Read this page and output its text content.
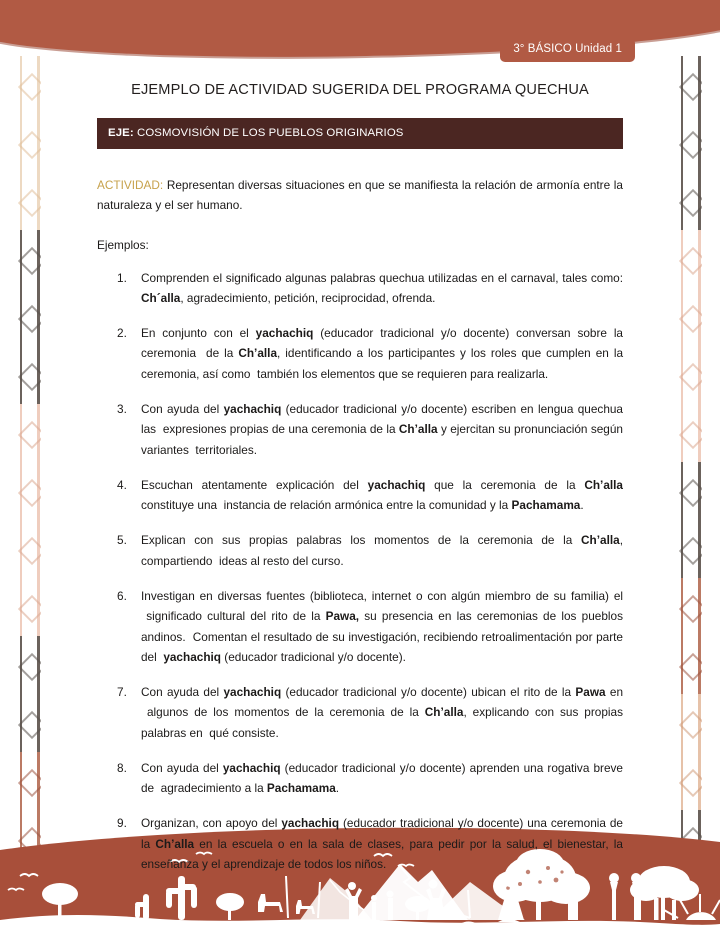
3° BÁSICO Unidad 1
EJEMPLO DE ACTIVIDAD SUGERIDA DEL PROGRAMA QUECHUA
EJE: COSMOVISIÓN DE LOS PUEBLOS ORIGINARIOS

ACTIVIDAD: Representan diversas situaciones en que se manifiesta la relación de armonía entre la naturaleza y el ser humano.

Ejemplos:

Comprenden el significado algunas palabras quechua utilizadas en el carnaval, tales como: Ch´alla, agradecimiento, petición, reciprocidad, ofrenda.
En conjunto con el yachachiq (educador tradicional y/o docente) conversan sobre la ceremonia  de la Ch’alla, identificando a los participantes y los roles que cumplen en la ceremonia, así como  también los elementos que se requieren para realizarla.
Con ayuda del yachachiq (educador tradicional y/o docente) escriben en lengua quechua las  expresiones propias de una ceremonia de la Ch’alla y ejercitan su pronunciación según variantes  territoriales.
Escuchan atentamente explicación del yachachiq que la ceremonia de la Ch’alla constituye una  instancia de relación armónica entre la comunidad y la Pachamama.
Explican con sus propias palabras los momentos de la ceremonia de la Ch’alla, compartiendo  ideas al resto del curso.
Investigan en diversas fuentes (biblioteca, internet o con algún miembro de su familia) el  significado cultural del rito de la Pawa, su presencia en las ceremonias de los pueblos andinos.  Comentan el resultado de su investigación, recibiendo retroalimentación por parte del  yachachiq (educador tradicional y/o docente).
Con ayuda del yachachiq (educador tradicional y/o docente) ubican el rito de la Pawa en  algunos de los momentos de la ceremonia de la Ch’alla, explicando con sus propias palabras en  qué consiste.
Con ayuda del yachachiq (educador tradicional y/o docente) aprenden una rogativa breve de  agradecimiento a la Pachamama.
Organizan, con apoyo del yachachiq (educador tradicional y/o docente) una ceremonia de la Ch’alla en la escuela o en la sala de clases, para pedir por la salud, el bienestar, la enseñanza y el aprendizaje de todos los niños.
